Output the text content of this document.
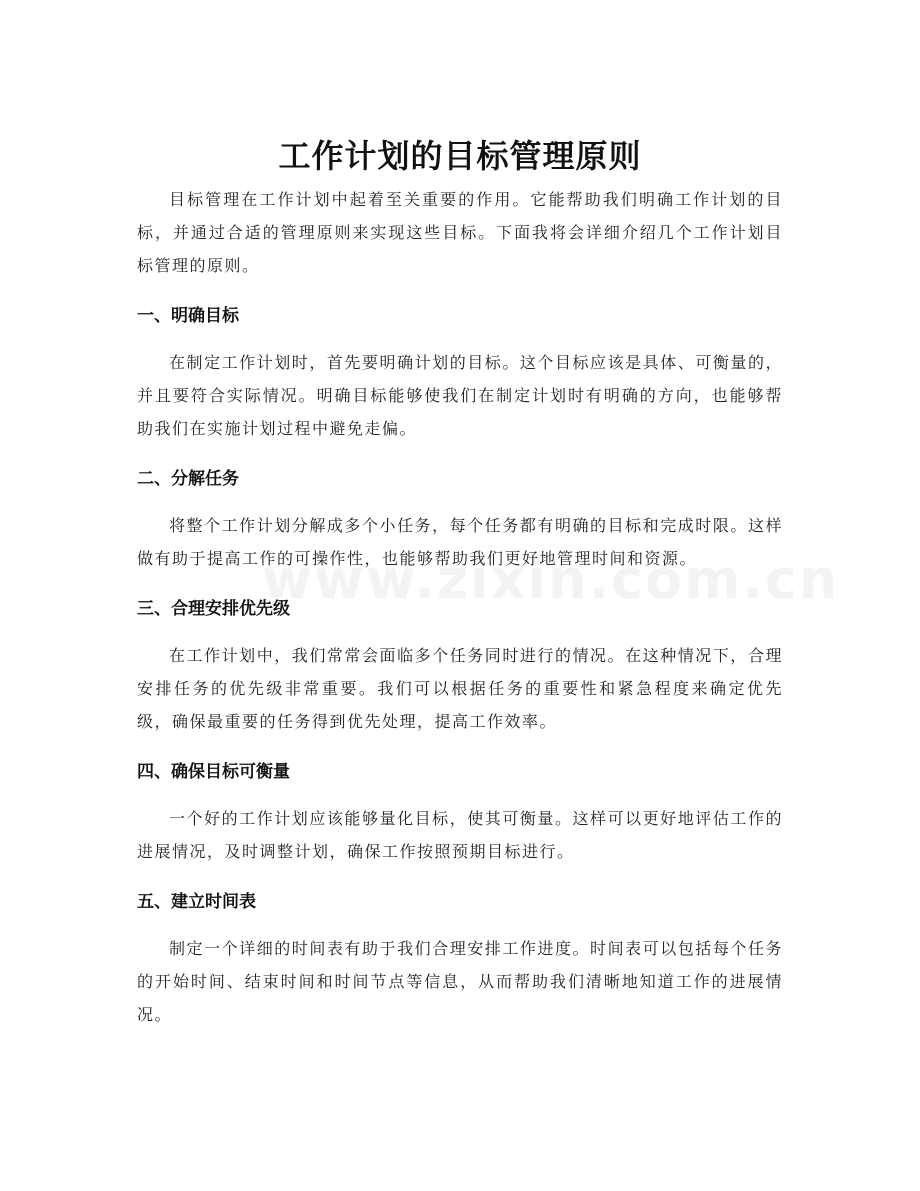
工作计划的目标管理原则

目标管理在工作计划中起着至关重要的作用。它能帮助我们明确工作计划的目标，并通过合适的管理原则来实现这些目标。下面我将会详细介绍几个工作计划目标管理的原则。

一、明确目标

在制定工作计划时，首先要明确计划的目标。这个目标应该是具体、可衡量的，并且要符合实际情况。明确目标能够使我们在制定计划时有明确的方向，也能够帮助我们在实施计划过程中避免走偏。

二、分解任务

将整个工作计划分解成多个小任务，每个任务都有明确的目标和完成时限。这样做有助于提高工作的可操作性，也能够帮助我们更好地管理时间和资源。

三、合理安排优先级

在工作计划中，我们常常会面临多个任务同时进行的情况。在这种情况下，合理安排任务的优先级非常重要。我们可以根据任务的重要性和紧急程度来确定优先级，确保最重要的任务得到优先处理，提高工作效率。

四、确保目标可衡量

一个好的工作计划应该能够量化目标，使其可衡量。这样可以更好地评估工作的进展情况，及时调整计划，确保工作按照预期目标进行。

五、建立时间表

制定一个详细的时间表有助于我们合理安排工作进度。时间表可以包括每个任务的开始时间、结束时间和时间节点等信息，从而帮助我们清晰地知道工作的进展情况。
